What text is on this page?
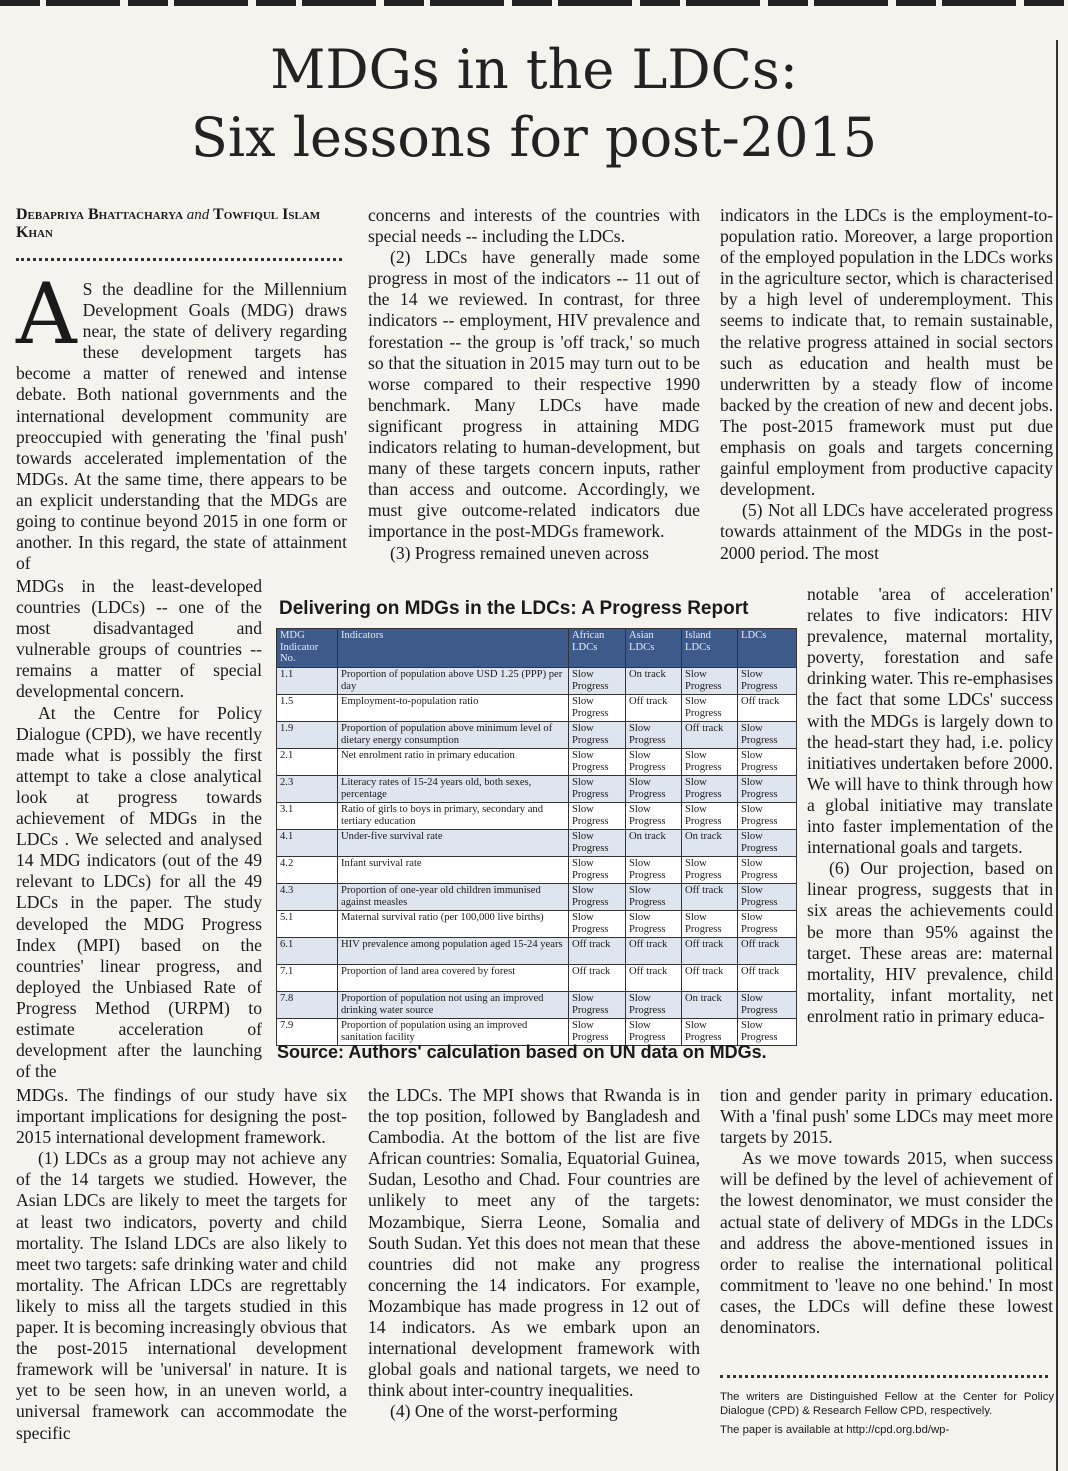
MDGs in the LDCs:
Six lessons for post-2015
Debapriya Bhattacharya and Towfiqul Islam Khan

A S the deadline for the Millennium Development Goals (MDG) draws near, the state of delivery regarding these development targets has become a matter of renewed and intense debate. Both national governments and the international development community are preoccupied with generating the 'final push' towards accelerated implementation of the MDGs. At the same time, there appears to be an explicit understanding that the MDGs are going to continue beyond 2015 in one form or another. In this regard, the state of attainment of

MDGs in the least-developed countries (LDCs) -- one of the most disadvantaged and vulnerable groups of countries -- remains a matter of special developmental concern.

At the Centre for Policy Dialogue (CPD), we have recently made what is possibly the first attempt to take a close analytical look at progress towards achievement of MDGs in the LDCs . We selected and analysed 14 MDG indicators (out of the 49 relevant to LDCs) for all the 49 LDCs in the paper. The study developed the MDG Progress Index (MPI) based on the countries' linear progress, and deployed the Unbiased Rate of Progress Method (URPM) to estimate acceleration of development after the launching of the

MDGs. The findings of our study have six important implications for designing the post-2015 international development framework.

(1) LDCs as a group may not achieve any of the 14 targets we studied. However, the Asian LDCs are likely to meet the targets for at least two indicators, poverty and child mortality. The Island LDCs are also likely to meet two targets: safe drinking water and child mortality. The African LDCs are regrettably likely to miss all the targets studied in this paper. It is becoming increasingly obvious that the post-2015 international development framework will be 'universal' in nature. It is yet to be seen how, in an uneven world, a universal framework can accommodate the specific

concerns and interests of the countries with special needs -- including the LDCs.

(2) LDCs have generally made some progress in most of the indicators -- 11 out of the 14 we reviewed. In contrast, for three indicators -- employment, HIV prevalence and forestation -- the group is 'off track,' so much so that the situation in 2015 may turn out to be worse compared to their respective 1990 benchmark. Many LDCs have made significant progress in attaining MDG indicators relating to human-development, but many of these targets concern inputs, rather than access and outcome. Accordingly, we must give outcome-related indicators due importance in the post-MDGs framework.

(3) Progress remained uneven across

the LDCs. The MPI shows that Rwanda is in the top position, followed by Bangladesh and Cambodia. At the bottom of the list are five African countries: Somalia, Equatorial Guinea, Sudan, Lesotho and Chad. Four countries are unlikely to meet any of the targets: Mozambique, Sierra Leone, Somalia and South Sudan. Yet this does not mean that these countries did not make any progress concerning the 14 indicators. For example, Mozambique has made progress in 12 out of 14 indicators. As we embark upon an international development framework with global goals and national targets, we need to think about inter-country inequalities.

(4) One of the worst-performing

indicators in the LDCs is the employment-to-population ratio. Moreover, a large proportion of the employed population in the LDCs works in the agriculture sector, which is characterised by a high level of underemployment. This seems to indicate that, to remain sustainable, the relative progress attained in social sectors such as education and health must be underwritten by a steady flow of income backed by the creation of new and decent jobs. The post-2015 framework must put due emphasis on goals and targets concerning gainful employment from productive capacity development.

(5) Not all LDCs have accelerated progress towards attainment of the MDGs in the post-2000 period. The most

notable 'area of acceleration' relates to five indicators: HIV prevalence, maternal mortality, poverty, forestation and safe drinking water. This re-emphasises the fact that some LDCs' success with the MDGs is largely down to the head-start they had, i.e. policy initiatives undertaken before 2000. We will have to think through how a global initiative may translate into faster implementation of the international goals and targets.

(6) Our projection, based on linear progress, suggests that in six areas the achievements could be more than 95% against the target. These areas are: maternal mortality, HIV prevalence, child mortality, infant mortality, net enrolment ratio in primary educa-

tion and gender parity in primary education. With a 'final push' some LDCs may meet more targets by 2015.

As we move towards 2015, when success will be defined by the level of achievement of the lowest denominator, we must consider the actual state of delivery of MDGs in the LDCs and address the above-mentioned issues in order to realise the international political commitment to 'leave no one behind.' In most cases, the LDCs will define these lowest denominators.

The writers are Distinguished Fellow at the Center for Policy Dialogue (CPD) & Research Fellow CPD, respectively.

The paper is available at http://cpd.org.bd/wp-

Delivering on MDGs in the LDCs: A Progress Report
MDG Indicator No.	Indicators	African LDCs	Asian LDCs	Island LDCs	LDCs
1.1	Proportion of population above USD 1.25 (PPP) per day	Slow Progress	On track	Slow Progress	Slow Progress
1.5	Employment-to-population ratio	Slow Progress	Off track	Slow Progress	Off track
1.9	Proportion of population above minimum level of dietary energy consumption	Slow Progress	Slow Progress	Off track	Slow Progress
2.1	Net enrolment ratio in primary education	Slow Progress	Slow Progress	Slow Progress	Slow Progress
2.3	Literacy rates of 15-24 years old, both sexes, percentage	Slow Progress	Slow Progress	Slow Progress	Slow Progress
3.1	Ratio of girls to boys in primary, secondary and tertiary education	Slow Progress	Slow Progress	Slow Progress	Slow Progress
4.1	Under-five survival rate	Slow Progress	On track	On track	Slow Progress
4.2	Infant survival rate	Slow Progress	Slow Progress	Slow Progress	Slow Progress
4.3	Proportion of one-year old children immunised against measles	Slow Progress	Slow Progress	Off track	Slow Progress
5.1	Maternal survival ratio (per 100,000 live births)	Slow Progress	Slow Progress	Slow Progress	Slow Progress
6.1	HIV prevalence among population aged 15-24 years	Off track	Off track	Off track	Off track
7.1	Proportion of land area covered by forest	Off track	Off track	Off track	Off track
7.8	Proportion of population not using an improved drinking water source	Slow Progress	Slow Progress	On track	Slow Progress
7.9	Proportion of population using an improved sanitation facility	Slow Progress	Slow Progress	Slow Progress	Slow Progress
Source: Authors' calculation based on UN data on MDGs.
